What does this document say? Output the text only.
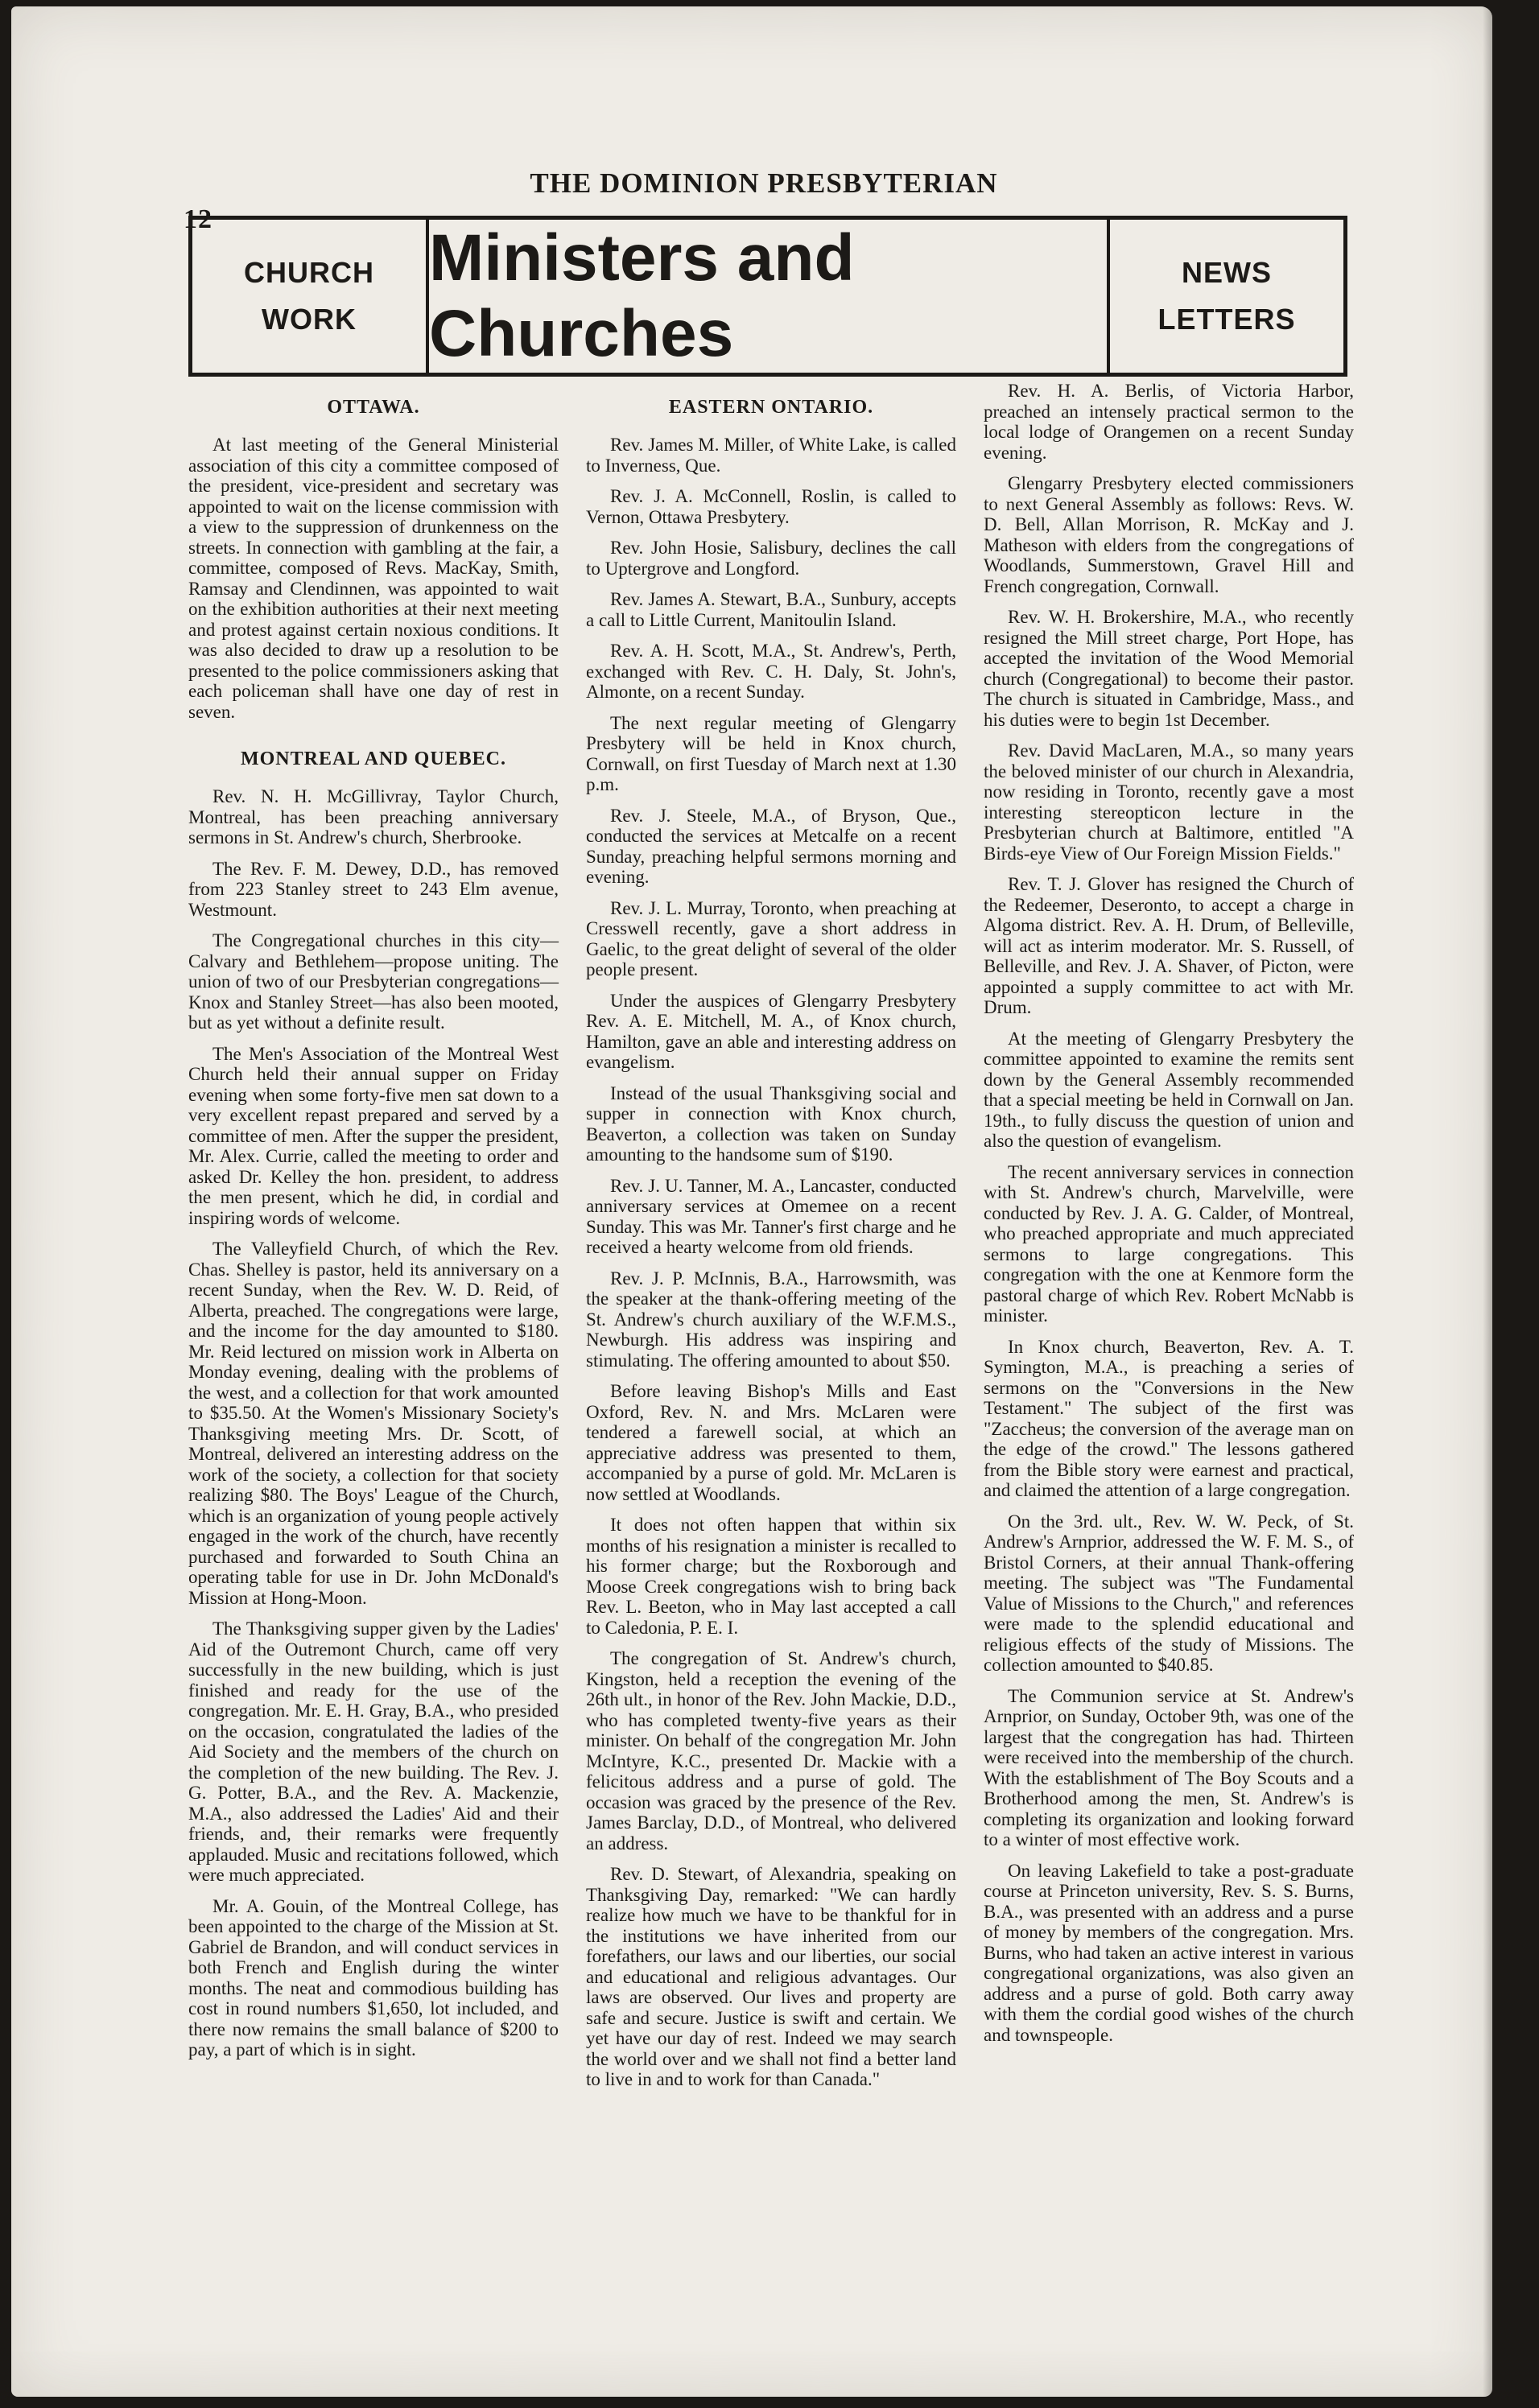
12
THE DOMINION PRESBYTERIAN
CHURCH
WORK
Ministers and Churches
NEWS
LETTERS
OTTAWA.

At last meeting of the General Ministerial association of this city a committee composed of the president, vice-president and secretary was appointed to wait on the license commission with a view to the suppression of drunkenness on the streets. In connection with gambling at the fair, a committee, composed of Revs. MacKay, Smith, Ramsay and Clendinnen, was appointed to wait on the exhibition authorities at their next meeting and protest against certain noxious conditions. It was also decided to draw up a resolution to be presented to the police commissioners asking that each policeman shall have one day of rest in seven.

MONTREAL AND QUEBEC.

Rev. N. H. McGillivray, Taylor Church, Montreal, has been preaching anniversary sermons in St. Andrew's church, Sherbrooke.

The Rev. F. M. Dewey, D.D., has removed from 223 Stanley street to 243 Elm avenue, Westmount.

The Congregational churches in this city—Calvary and Bethlehem—propose uniting. The union of two of our Presbyterian congregations—Knox and Stanley Street—has also been mooted, but as yet without a definite result.

The Men's Association of the Montreal West Church held their annual supper on Friday evening when some forty-five men sat down to a very excellent repast prepared and served by a committee of men. After the supper the president, Mr. Alex. Currie, called the meeting to order and asked Dr. Kelley the hon. president, to address the men present, which he did, in cordial and inspiring words of welcome.

The Valleyfield Church, of which the Rev. Chas. Shelley is pastor, held its anniversary on a recent Sunday, when the Rev. W. D. Reid, of Alberta, preached. The congregations were large, and the income for the day amounted to $180. Mr. Reid lectured on mission work in Alberta on Monday evening, dealing with the problems of the west, and a collection for that work amounted to $35.50. At the Women's Missionary Society's Thanksgiving meeting Mrs. Dr. Scott, of Montreal, delivered an interesting address on the work of the society, a collection for that society realizing $80. The Boys' League of the Church, which is an organization of young people actively engaged in the work of the church, have recently purchased and forwarded to South China an operating table for use in Dr. John McDonald's Mission at Hong-Moon.

The Thanksgiving supper given by the Ladies' Aid of the Outremont Church, came off very successfully in the new building, which is just finished and ready for the use of the congregation. Mr. E. H. Gray, B.A., who presided on the occasion, congratulated the ladies of the Aid Society and the members of the church on the completion of the new building. The Rev. J. G. Potter, B.A., and the Rev. A. Mackenzie, M.A., also addressed the Ladies' Aid and their friends, and, their remarks were frequently applauded. Music and recitations followed, which were much appreciated.

Mr. A. Gouin, of the Montreal College, has been appointed to the charge of the Mission at St. Gabriel de Brandon, and will conduct services in both French and English during the winter months. The neat and commodious building has cost in round numbers $1,650, lot included, and there now remains the small balance of $200 to pay, a part of which is in sight.

EASTERN ONTARIO.

Rev. James M. Miller, of White Lake, is called to Inverness, Que.

Rev. J. A. McConnell, Roslin, is called to Vernon, Ottawa Presbytery.

Rev. John Hosie, Salisbury, declines the call to Uptergrove and Longford.

Rev. James A. Stewart, B.A., Sunbury, accepts a call to Little Current, Manitoulin Island.

Rev. A. H. Scott, M.A., St. Andrew's, Perth, exchanged with Rev. C. H. Daly, St. John's, Almonte, on a recent Sunday.

The next regular meeting of Glengarry Presbytery will be held in Knox church, Cornwall, on first Tuesday of March next at 1.30 p.m.

Rev. J. Steele, M.A., of Bryson, Que., conducted the services at Metcalfe on a recent Sunday, preaching helpful sermons morning and evening.

Rev. J. L. Murray, Toronto, when preaching at Cresswell recently, gave a short address in Gaelic, to the great delight of several of the older people present.

Under the auspices of Glengarry Presbytery Rev. A. E. Mitchell, M. A., of Knox church, Hamilton, gave an able and interesting address on evangelism.

Instead of the usual Thanksgiving social and supper in connection with Knox church, Beaverton, a collection was taken on Sunday amounting to the handsome sum of $190.

Rev. J. U. Tanner, M. A., Lancaster, conducted anniversary services at Omemee on a recent Sunday. This was Mr. Tanner's first charge and he received a hearty welcome from old friends.

Rev. J. P. McInnis, B.A., Harrowsmith, was the speaker at the thank-offering meeting of the St. Andrew's church auxiliary of the W.F.M.S., Newburgh. His address was inspiring and stimulating. The offering amounted to about $50.

Before leaving Bishop's Mills and East Oxford, Rev. N. and Mrs. McLaren were tendered a farewell social, at which an appreciative address was presented to them, accompanied by a purse of gold. Mr. McLaren is now settled at Woodlands.

It does not often happen that within six months of his resignation a minister is recalled to his former charge; but the Roxborough and Moose Creek congregations wish to bring back Rev. L. Beeton, who in May last accepted a call to Caledonia, P. E. I.

The congregation of St. Andrew's church, Kingston, held a reception the evening of the 26th ult., in honor of the Rev. John Mackie, D.D., who has completed twenty-five years as their minister. On behalf of the congregation Mr. John McIntyre, K.C., presented Dr. Mackie with a felicitous address and a purse of gold. The occasion was graced by the presence of the Rev. James Barclay, D.D., of Montreal, who delivered an address.

Rev. D. Stewart, of Alexandria, speaking on Thanksgiving Day, remarked: "We can hardly realize how much we have to be thankful for in the institutions we have inherited from our forefathers, our laws and our liberties, our social and educational and religious advantages. Our laws are observed. Our lives and property are safe and secure. Justice is swift and certain. We yet have our day of rest. Indeed we may search the world over and we shall not find a better land to live in and to work for than Canada."

Rev. H. A. Berlis, of Victoria Harbor, preached an intensely practical sermon to the local lodge of Orangemen on a recent Sunday evening.

Glengarry Presbytery elected commissioners to next General Assembly as follows: Revs. W. D. Bell, Allan Morrison, R. McKay and J. Matheson with elders from the congregations of Woodlands, Summerstown, Gravel Hill and French congregation, Cornwall.

Rev. W. H. Brokershire, M.A., who recently resigned the Mill street charge, Port Hope, has accepted the invitation of the Wood Memorial church (Congregational) to become their pastor. The church is situated in Cambridge, Mass., and his duties were to begin 1st December.

Rev. David MacLaren, M.A., so many years the beloved minister of our church in Alexandria, now residing in Toronto, recently gave a most interesting stereopticon lecture in the Presbyterian church at Baltimore, entitled "A Birds-eye View of Our Foreign Mission Fields."

Rev. T. J. Glover has resigned the Church of the Redeemer, Deseronto, to accept a charge in Algoma district. Rev. A. H. Drum, of Belleville, will act as interim moderator. Mr. S. Russell, of Belleville, and Rev. J. A. Shaver, of Picton, were appointed a supply committee to act with Mr. Drum.

At the meeting of Glengarry Presbytery the committee appointed to examine the remits sent down by the General Assembly recommended that a special meeting be held in Cornwall on Jan. 19th., to fully discuss the question of union and also the question of evangelism.

The recent anniversary services in connection with St. Andrew's church, Marvelville, were conducted by Rev. J. A. G. Calder, of Montreal, who preached appropriate and much appreciated sermons to large congregations. This congregation with the one at Kenmore form the pastoral charge of which Rev. Robert McNabb is minister.

In Knox church, Beaverton, Rev. A. T. Symington, M.A., is preaching a series of sermons on the "Conversions in the New Testament." The subject of the first was "Zaccheus; the conversion of the average man on the edge of the crowd." The lessons gathered from the Bible story were earnest and practical, and claimed the attention of a large congregation.

On the 3rd. ult., Rev. W. W. Peck, of St. Andrew's Arnprior, addressed the W. F. M. S., of Bristol Corners, at their annual Thank-offering meeting. The subject was "The Fundamental Value of Missions to the Church," and references were made to the splendid educational and religious effects of the study of Missions. The collection amounted to $40.85.

The Communion service at St. Andrew's Arnprior, on Sunday, October 9th, was one of the largest that the congregation has had. Thirteen were received into the membership of the church. With the establishment of The Boy Scouts and a Brotherhood among the men, St. Andrew's is completing its organization and looking forward to a winter of most effective work.

On leaving Lakefield to take a post-graduate course at Princeton university, Rev. S. S. Burns, B.A., was presented with an address and a purse of money by members of the congregation. Mrs. Burns, who had taken an active interest in various congregational organizations, was also given an address and a purse of gold. Both carry away with them the cordial good wishes of the church and townspeople.
